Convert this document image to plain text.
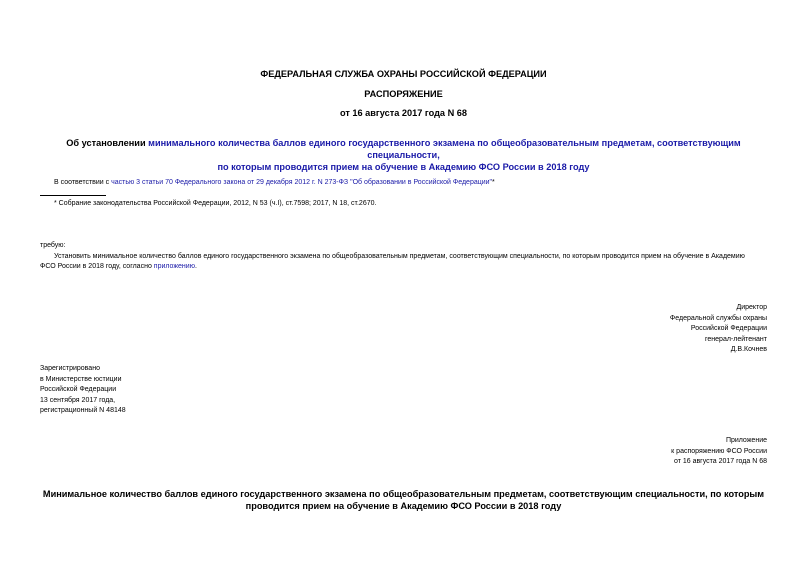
ФЕДЕРАЛЬНАЯ СЛУЖБА ОХРАНЫ РОССИЙСКОЙ ФЕДЕРАЦИИ
РАСПОРЯЖЕНИЕ
от 16 августа 2017 года N 68
Об установлении минимального количества баллов единого государственного экзамена по общеобразовательным предметам, соответствующим специальности,
по которым проводится прием на обучение в Академию ФСО России в 2018 году
В соответствии с частью 3 статьи 70 Федерального закона от 29 декабря 2012 г. N 273-ФЗ "Об образовании в Российской Федерации"*
* Собрание законодательства Российской Федерации, 2012, N 53 (ч.I), ст.7598; 2017, N 18, ст.2670.
требую:
Установить минимальное количество баллов единого государственного экзамена по общеобразовательным предметам, соответствующим специальности, по которым проводится прием на обучение в Академию
ФСО России в 2018 году, согласно приложению.
Директор
Федеральной службы охраны
Российской Федерации
генерал-лейтенант
Д.В.Кочнев
Зарегистрировано
в Министерстве юстиции
Российской Федерации
13 сентября 2017 года,
регистрационный N 48148
Приложение
к распоряжению ФСО России
от 16 августа 2017 года N 68
Минимальное количество баллов единого государственного экзамена по общеобразовательным предметам, соответствующим специальности, по которым
проводится прием на обучение в Академию ФСО России в 2018 году
